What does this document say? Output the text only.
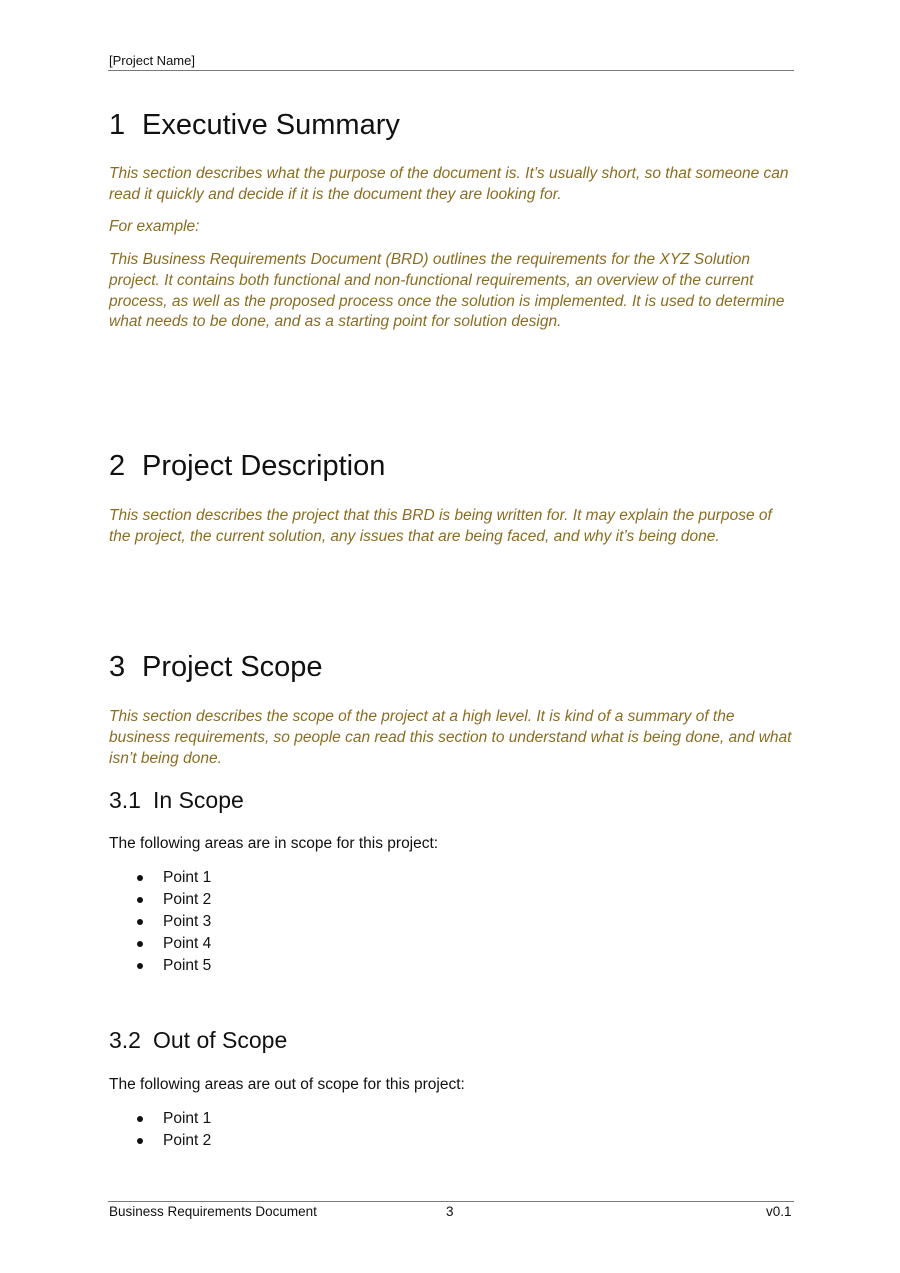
[Project Name]
1 Executive Summary

This section describes what the purpose of the document is. It’s usually short, so that someone can read it quickly and decide if it is the document they are looking for.

For example:

This Business Requirements Document (BRD) outlines the requirements for the XYZ Solution project. It contains both functional and non-functional requirements, an overview of the current process, as well as the proposed process once the solution is implemented. It is used to determine what needs to be done, and as a starting point for solution design.

2 Project Description

This section describes the project that this BRD is being written for. It may explain the purpose of the project, the current solution, any issues that are being faced, and why it’s being done.

3 Project Scope

This section describes the scope of the project at a high level. It is kind of a summary of the business requirements, so people can read this section to understand what is being done, and what isn’t being done.

3.1 In Scope

The following areas are in scope for this project:

Point 1
Point 2
Point 3
Point 4
Point 5
3.2 Out of Scope

The following areas are out of scope for this project:

Point 1
Point 2
Business Requirements Document	3	v0.1
